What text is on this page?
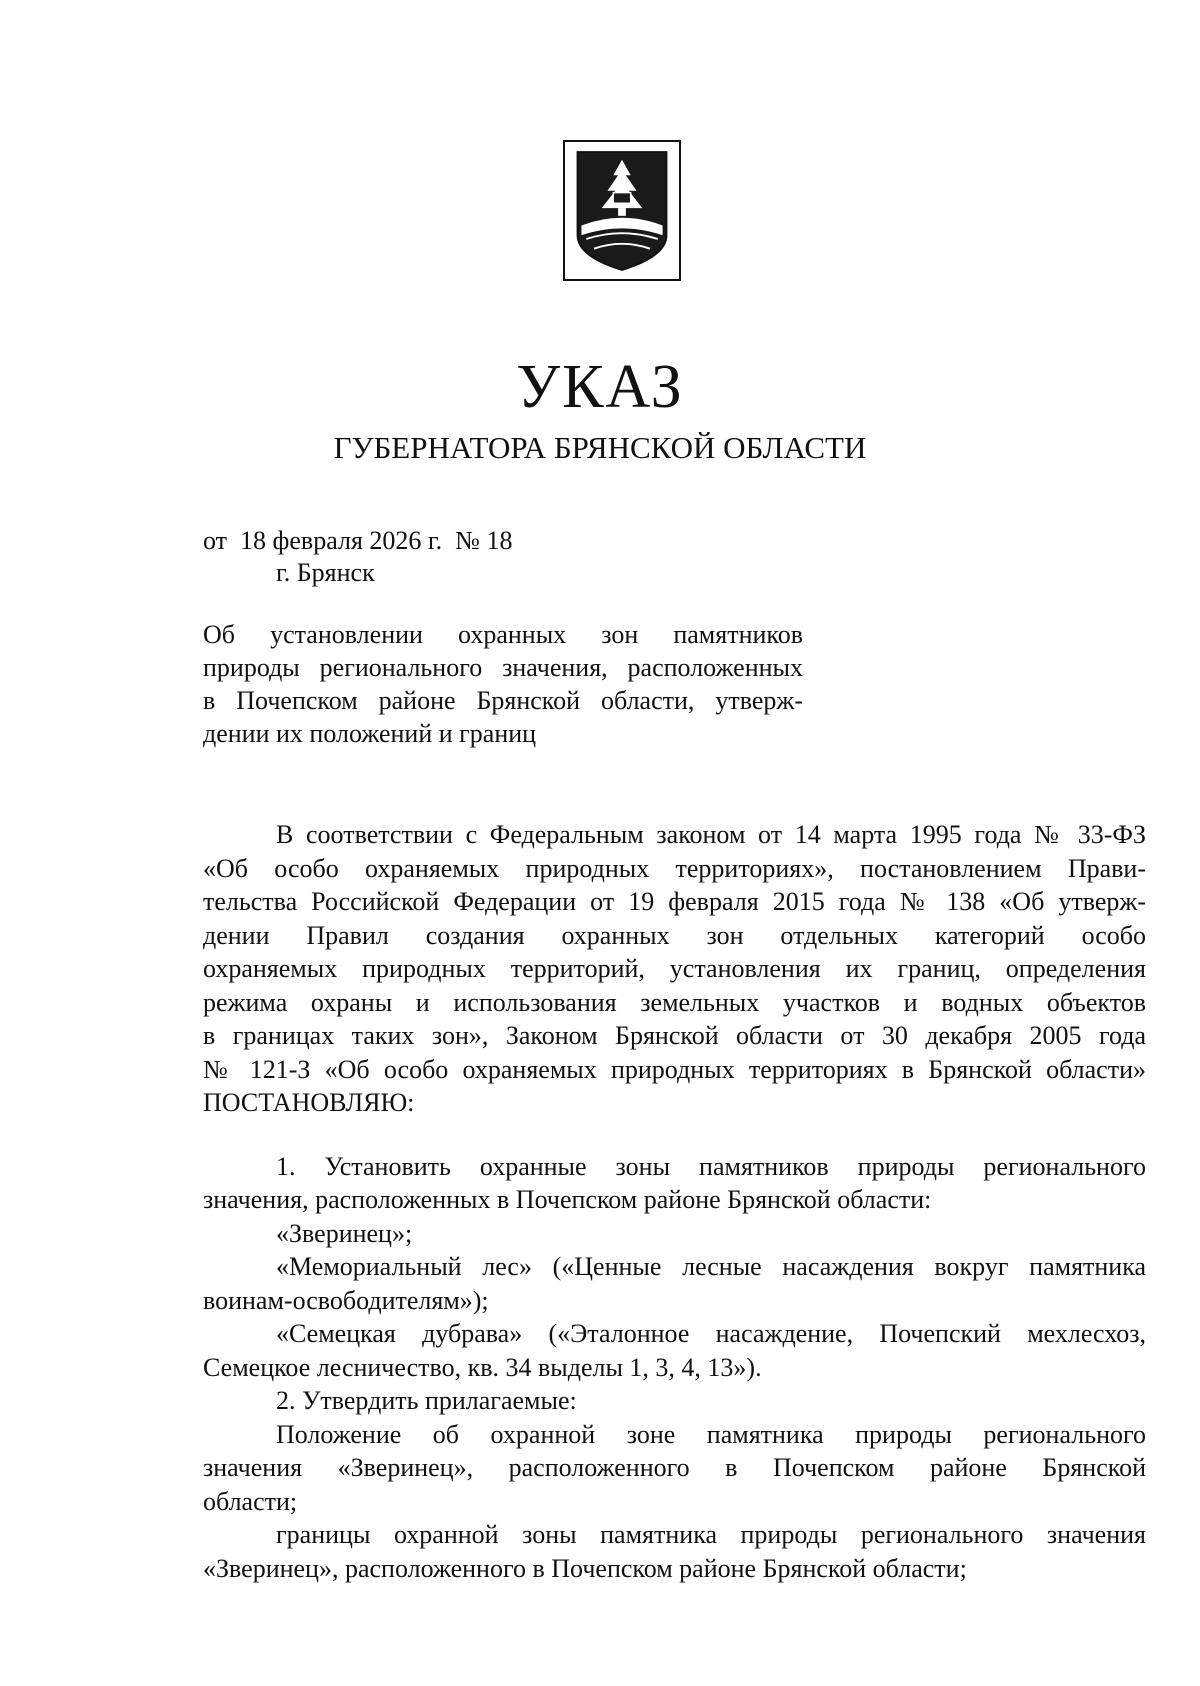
УКАЗ
ГУБЕРНАТОРА БРЯНСКОЙ ОБЛАСТИ
от 18 февраля 2026 г. № 18
г. Брянск
Об установлении охранных зон памятников
природы регионального значения, расположенных
в Почепском районе Брянской области, утверж-
дении их положений и границ
В соответствии с Федеральным законом от 14 марта 1995 года № 33-ФЗ
«Об особо охраняемых природных территориях», постановлением Прави-
тельства Российской Федерации от 19 февраля 2015 года № 138 «Об утверж-
дении Правил создания охранных зон отдельных категорий особо
охраняемых природных территорий, установления их границ, определения
режима охраны и использования земельных участков и водных объектов
в границах таких зон», Законом Брянской области от 30 декабря 2005 года
№ 121-З «Об особо охраняемых природных территориях в Брянской области»
ПОСТАНОВЛЯЮ:
1. Установить охранные зоны памятников природы регионального
значения, расположенных в Почепском районе Брянской области:
«Зверинец»;
«Мемориальный лес» («Ценные лесные насаждения вокруг памятника
воинам-освободителям»);
«Семецкая дубрава» («Эталонное насаждение, Почепский мехлесхоз,
Семецкое лесничество, кв. 34 выделы 1, 3, 4, 13»).
2. Утвердить прилагаемые:
Положение об охранной зоне памятника природы регионального
значения «Зверинец», расположенного в Почепском районе Брянской
области;
границы охранной зоны памятника природы регионального значения
«Зверинец», расположенного в Почепском районе Брянской области;
